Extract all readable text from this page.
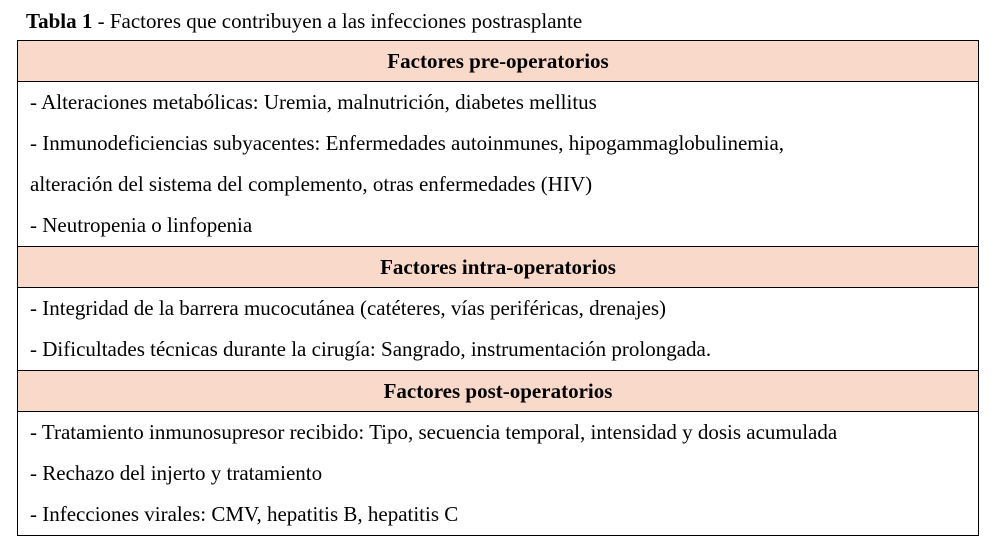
Tabla 1 - Factores que contribuyen a las infecciones postrasplante
Factores pre-operatorios

- Alteraciones metabólicas: Uremia, malnutrición, diabetes mellitus
- Inmunodeficiencias subyacentes: Enfermedades autoinmunes, hipogammaglobulinemia,
alteración del sistema del complemento, otras enfermedades (HIV)
- Neutropenia o linfopenia

Factores intra-operatorios

- Integridad de la barrera mucocutánea (catéteres, vías periféricas, drenajes)
- Dificultades técnicas durante la cirugía: Sangrado, instrumentación prolongada.

Factores post-operatorios

- Tratamiento inmunosupresor recibido: Tipo, secuencia temporal, intensidad y dosis acumulada
- Rechazo del injerto y tratamiento
- Infecciones virales: CMV, hepatitis B, hepatitis C
